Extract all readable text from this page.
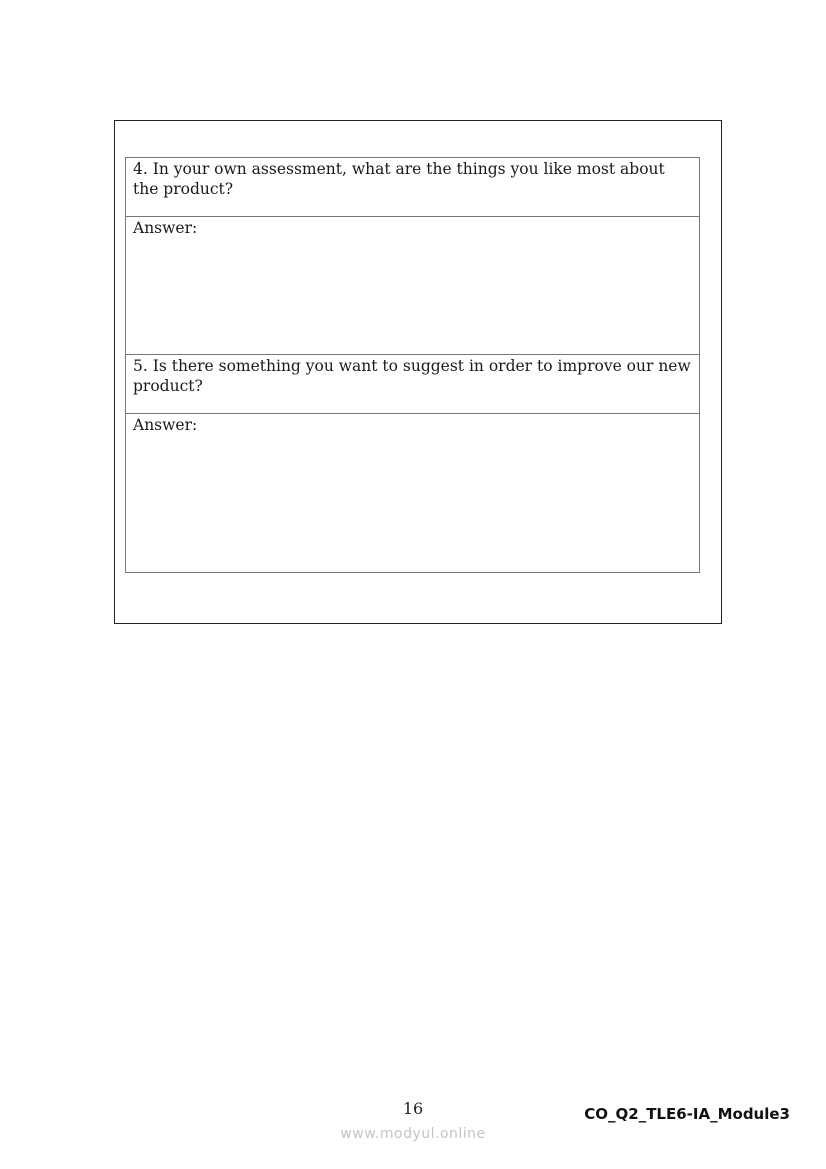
4. In your own assessment, what are the things you like most about the product?
Answer:
5. Is there something you want to suggest in order to improve our new product?
Answer:
16	CO_Q2_TLE6-IA_Module3
www.modyul.online
